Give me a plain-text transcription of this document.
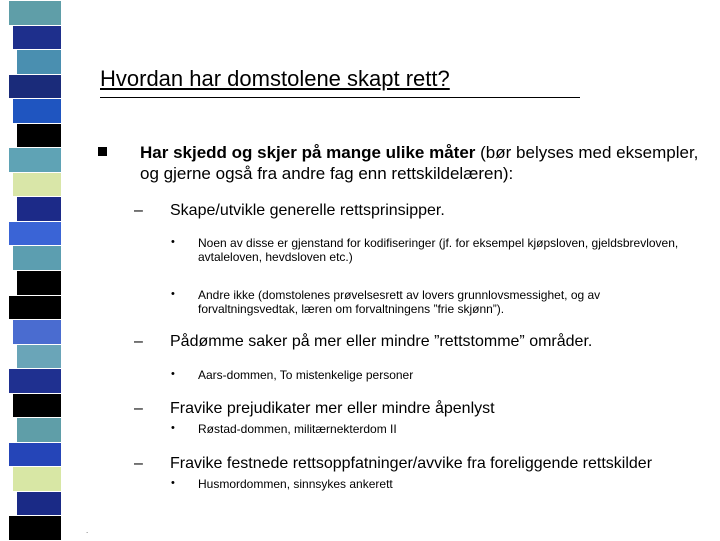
Hvordan har domstolene skapt rett?
Har skjedd og skjer på mange ulike måter (bør belyses med eksempler, og gjerne også fra andre fag enn rettskildelæren):
– Skape/utvikle generelle rettsprinsipper.
• Noen av disse er gjenstand for kodifiseringer (jf. for eksempel kjøpsloven, gjeldsbrevloven, avtaleloven, hevdsloven etc.)
• Andre ikke (domstolenes prøvelsesrett av lovers grunnlovsmessighet, og av forvaltningsvedtak, læren om forvaltningens ”frie skjønn”).
– Pådømme saker på mer eller mindre ”rettstomme” områder.
• Aars-dommen, To mistenkelige personer
– Fravike prejudikater mer eller mindre åpenlyst
• Røstad-dommen, militærnekterdom II
– Fravike festnede rettsoppfatninger/avvike fra foreliggende rettskilder
• Husmordommen, sinnsykes ankerett
.
